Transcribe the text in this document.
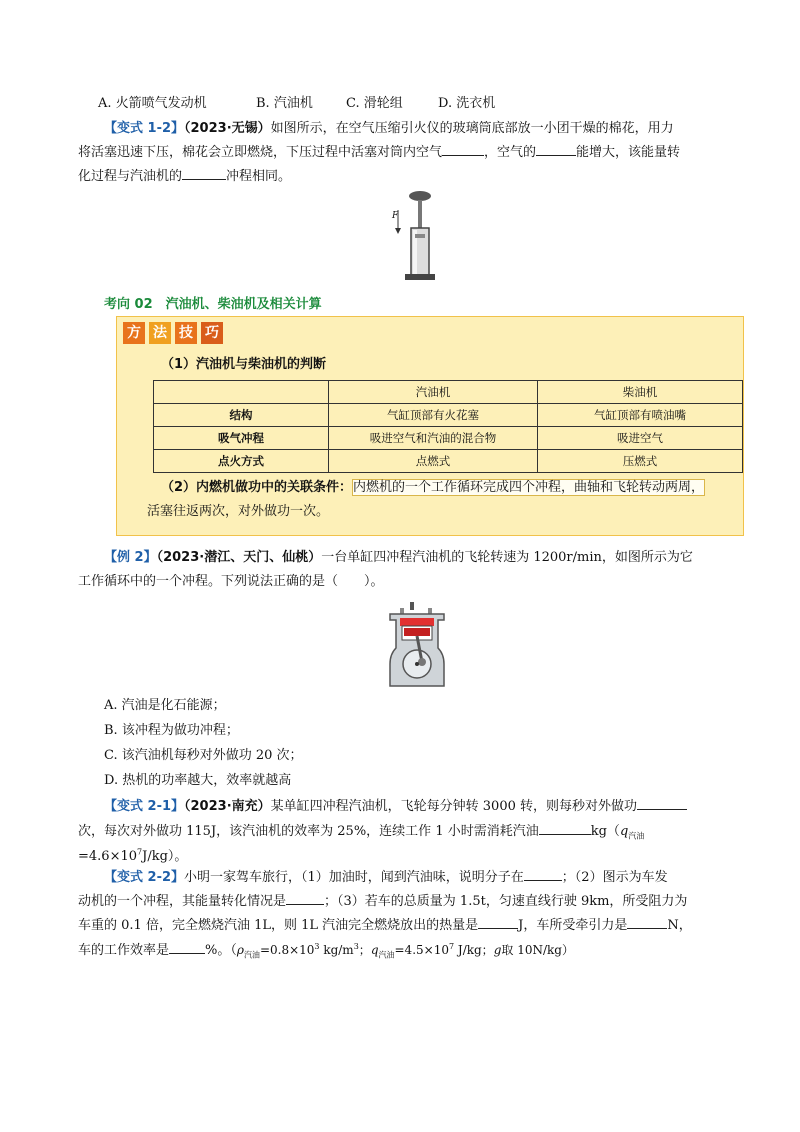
A. 火箭喷气发动机	B. 汽油机	C. 滑轮组	D. 洗衣机
【变式 1-2】（2023·无锡）如图所示，在空气压缩引火仪的玻璃筒底部放一小团干燥的棉花，用力
将活塞迅速下压，棉花会立即燃烧，下压过程中活塞对筒内空气	，空气的	能增大，该能量转
化过程与汽油机的	冲程相同。
F
考向 02　汽油机、柴油机及相关计算
方 法 技 巧
（1）汽油机与柴油机的判断
	汽油机	柴油机
结构	气缸顶部有火花塞	气缸顶部有喷油嘴
吸气冲程	吸进空气和汽油的混合物	吸进空气
点火方式	点燃式	压燃式
（2）内燃机做功中的关联条件：内燃机的一个工作循环完成四个冲程，曲轴和飞轮转动两周，
活塞往返两次，对外做功一次。
【例 2】（2023·潜江、天门、仙桃）一台单缸四冲程汽油机的飞轮转速为 1200r/min，如图所示为它
工作循环中的一个冲程。下列说法正确的是（　　）。
A. 汽油是化石能源；
B. 该冲程为做功冲程；
C. 该汽油机每秒对外做功 20 次；
D. 热机的功率越大，效率就越高
【变式 2-1】（2023·南充）某单缸四冲程汽油机，飞轮每分钟转 3000 转，则每秒对外做功
次，每次对外做功 115J，该汽油机的效率为 25%，连续工作 1 小时需消耗汽油	$kg(q_{汽油}$
$=4.6\times 10^7J/kg$）。
【变式 2-2】小明一家驾车旅行，（1）加油时，闻到汽油味，说明分子在	；（2）图示为车发
动机的一个冲程，其能量转化情况是	；（3）若车的总质量为 1.5t，匀速直线行驶 9km，所受阻力为
车重的 0.1 倍，完全燃烧汽油 1L，则 1L 汽油完全燃烧放出的热量是	J，车所受牵引力是	N，
车的工作效率是	%。（$\rho_{汽油}=0.8\times 10^3$ $kg/m^3$；$q_{汽油}=4.5\times 10^7$ J/kg；g取 10N/kg）
